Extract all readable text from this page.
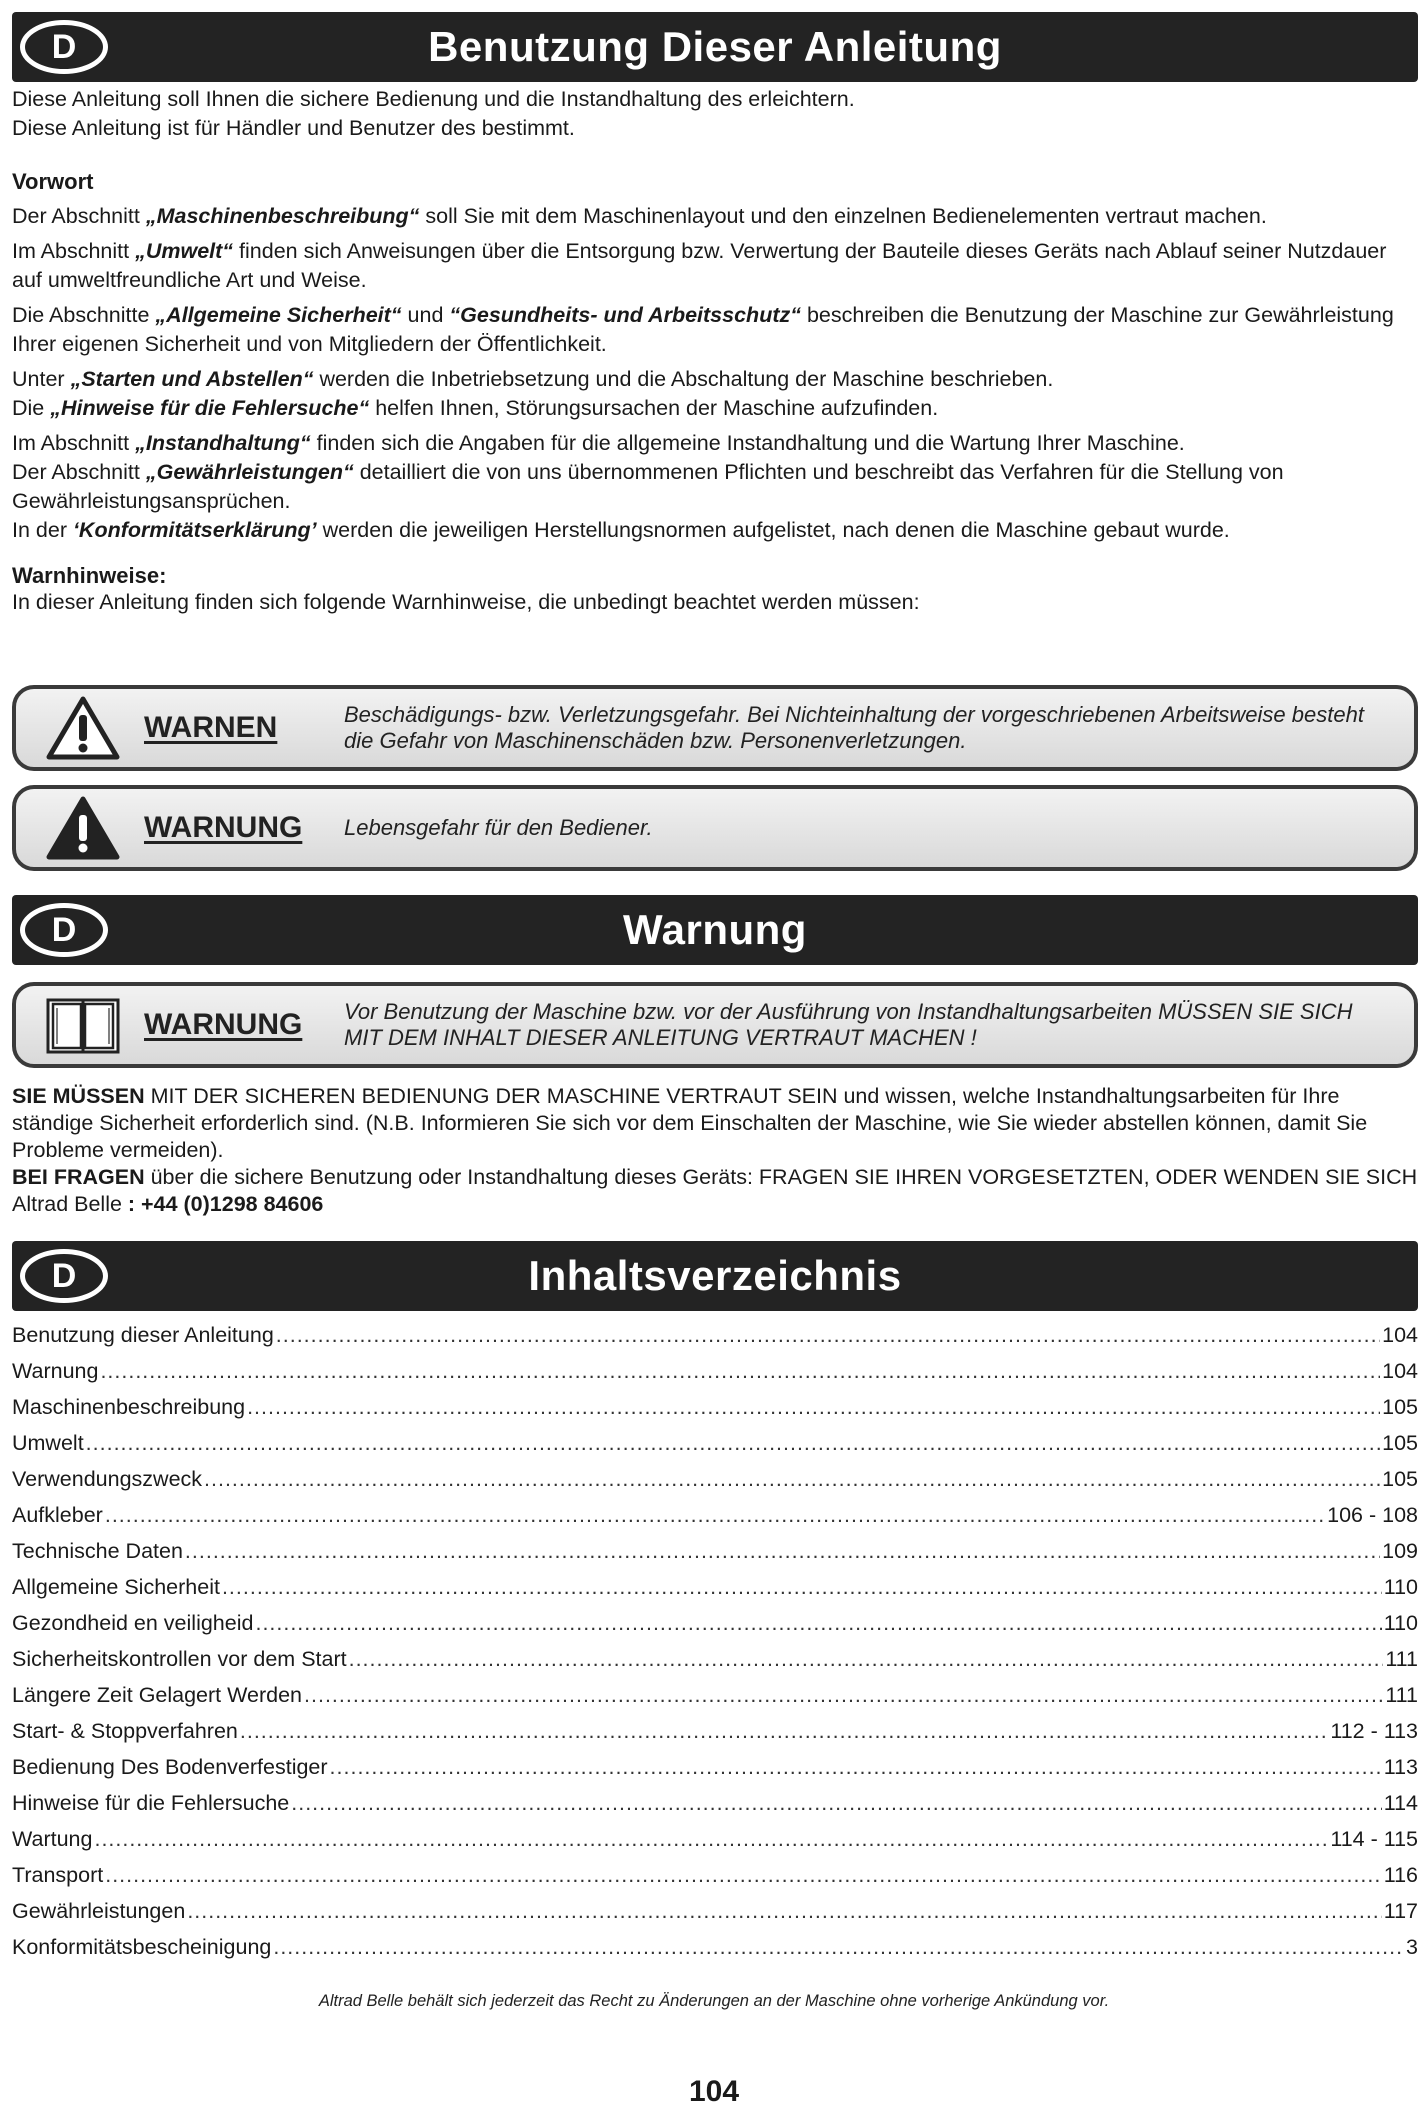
D	Benutzung Dieser Anleitung

Diese Anleitung soll Ihnen die sichere Bedienung und die Instandhaltung des erleichtern.

Diese Anleitung ist für Händler und Benutzer des bestimmt.

Vorwort

Der Abschnitt „Maschinenbeschreibung“ soll Sie mit dem Maschinenlayout und den einzelnen Bedienelementen vertraut machen.

Im Abschnitt „Umwelt“ finden sich Anweisungen über die Entsorgung bzw. Verwertung der Bauteile dieses Geräts nach Ablauf seiner Nutzdauer auf umweltfreundliche Art und Weise.

Die Abschnitte „Allgemeine Sicherheit“ und “Gesundheits- und Arbeitsschutz“ beschreiben die Benutzung der Maschine zur Gewährleistung Ihrer eigenen Sicherheit und von Mitgliedern der Öffentlichkeit.

Unter „Starten und Abstellen“ werden die Inbetriebsetzung und die Abschaltung der Maschine beschrieben.

Die „Hinweise für die Fehlersuche“ helfen Ihnen, Störungsursachen der Maschine aufzufinden.

Im Abschnitt „Instandhaltung“ finden sich die Angaben für die allgemeine Instandhaltung und die Wartung Ihrer Maschine.

Der Abschnitt „Gewährleistungen“ detailliert die von uns übernommenen Pflichten und beschreibt das Verfahren für die Stellung von Gewährleistungsansprüchen.

In der ‘Konformitätserklärung’ werden die jeweiligen Herstellungsnormen aufgelistet, nach denen die Maschine gebaut wurde.

Warnhinweise:

In dieser Anleitung finden sich folgende Warnhinweise, die unbedingt beachtet werden müssen:

WARNEN	Beschädigungs- bzw. Verletzungsgefahr. Bei Nichteinhaltung der vorgeschriebenen Arbeitsweise besteht die Gefahr von Maschinenschäden bzw. Personenverletzungen.
WARNUNG	Lebensgefahr für den Bediener.
D	Warnung
WARNUNG	Vor Benutzung der Maschine bzw. vor der Ausführung von Instandhaltungsarbeiten MÜSSEN SIE SICH MIT DEM INHALT DIESER ANLEITUNG VERTRAUT MACHEN !

SIE MÜSSEN MIT DER SICHEREN BEDIENUNG DER MASCHINE VERTRAUT SEIN und wissen, welche Instandhaltungsarbeiten für Ihre ständige Sicherheit erforderlich sind. (N.B. Informieren Sie sich vor dem Einschalten der Maschine, wie Sie wieder abstellen können, damit Sie Probleme vermeiden).

BEI FRAGEN über die sichere Benutzung oder Instandhaltung dieses Geräts: FRAGEN SIE IHREN VORGESETZTEN, ODER WENDEN SIE SICH Altrad Belle : +44 (0)1298 84606

D	Inhaltsverzeichnis
Benutzung dieser Anleitung .....	104
Warnung .....	104
Maschinenbeschreibung .....	105
Umwelt .....	105
Verwendungszweck .....	105
Aufkleber .....	106 - 108
Technische Daten .....	109
Allgemeine Sicherheit .....	110
Gezondheid en veiligheid .....	110
Sicherheitskontrollen vor dem Start .....	111
Längere Zeit Gelagert Werden .....	111
Start- & Stoppverfahren .....	112 - 113
Bedienung Des Bodenverfestiger .....	113
Hinweise für die Fehlersuche .....	114
Wartung .....	114 - 115
Transport .....	116
Gewährleistungen .....	117
Konformitätsbescheinigung .....	3
Altrad Belle behält sich jederzeit das Recht zu Änderungen an der Maschine ohne vorherige Ankündung vor.
104
